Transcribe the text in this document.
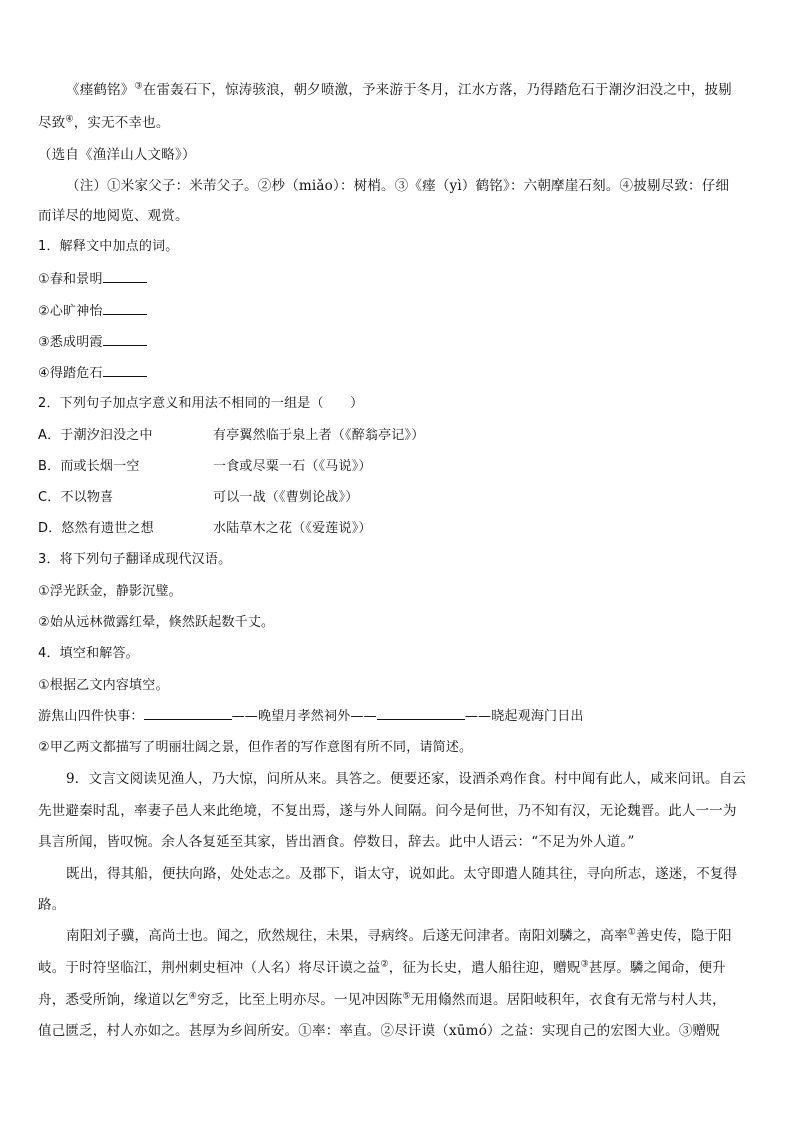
《瘗鹤铭》③在雷轰石下，惊涛骇浪，朝夕喷激，予来游于冬月，江水方落，乃得踏危石于潮汐汩没之中，披剔
尽致④，实无不幸也。
（选自《渔洋山人文略》）
（注）①米家父子：米芾父子。②杪（miǎo）：树梢。③《瘗（yì）鹤铭》：六朝摩崖石刻。④披剔尽致：仔细
而详尽的地阅览、观赏。
1．解释文中加点的词。
①春和景明
②心旷神怡
③悉成明霞
④得踏危石
2．下列句子加点字意义和用法不相同的一组是（　　）
A．于潮汐汩没之中	有亭翼然临于泉上者（《醉翁亭记》）
B．而或长烟一空	一食或尽粟一石（《马说》）
C．不以物喜	可以一战（《曹刿论战》）
D．悠然有遗世之想	水陆草木之花（《爱莲说》）
3．将下列句子翻译成现代汉语。
①浮光跃金，静影沉璧。
②始从远林微露红晕，倏然跃起数千丈。
4．填空和解答。
①根据乙文内容填空。
游焦山四件快事：	——晚望月孝然祠外——	——晓起观海门日出
②甲乙两文都描写了明丽壮阔之景，但作者的写作意图有所不同，请简述。
9．文言文阅读见渔人，乃大惊，问所从来。具答之。便要还家，设酒杀鸡作食。村中闻有此人，咸来问讯。自云
先世避秦时乱，率妻子邑人来此绝境，不复出焉，遂与外人间隔。问今是何世，乃不知有汉，无论魏晋。此人一一为
具言所闻，皆叹惋。余人各复延至其家，皆出酒食。停数日，辞去。此中人语云：“不足为外人道。”
既出，得其船，便扶向路，处处志之。及郡下，诣太守，说如此。太守即遣人随其往，寻向所志，遂迷，不复得
路。
南阳刘子骥，高尚士也。闻之，欣然规往，未果，寻病终。后遂无问津者。南阳刘驎之，高率①善史传，隐于阳
岐。于时符坚临江，荆州刺史桓冲（人名）将尽讦谟之益②，征为长史，遣人船往迎，赠贶③甚厚。驎之闻命，便升
舟，悉受所饷，缘道以乞④穷乏，比至上明亦尽。一见冲因陈⑤无用翛然而退。居阳岐积年，衣食有无常与村人共，
值己匮乏，村人亦如之。甚厚为乡闾所安。①率：率直。②尽讦谟（xūmó）之益：实现自己的宏图大业。③赠贶
